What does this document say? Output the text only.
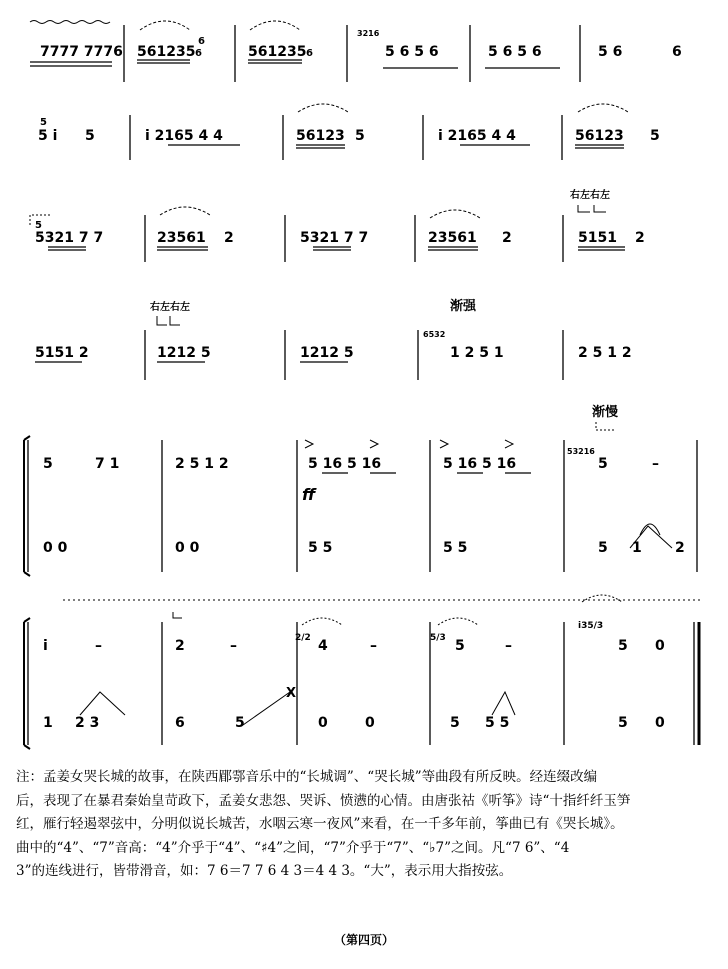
7777 7776 561235 6	561235 6
3216
5 6 5 6	5 6 5 6	5 6	6
5 i 5	i 2165 4 4	56123 5	i 2165 4 4	56123 5
5321 7 7	23561 2	5321 7 7	23561 2	5151 2
5151 2	1212 5	1212 5
6532
1 2 5 1	2 5 1 2
5	7 1	2 5 1 2	5 16 5 16	5 16 5 16
53216
5	–
0 0	0 0	5 5	5 5	5 1 2
i	–	2	–	2/2 4	–	5/3 5	–
i35/3
5 0
1 2 3	6	5	0	0	5 5 5	5 0
6
5
5
右左右左
右左右左	渐强
渐慢
ff
X

注：孟姜女哭长城的故事，在陕西郿鄠音乐中的“长城调”、“哭长城”等曲段有所反映。经连缀改编

后，表现了在暴君秦始皇苛政下，孟姜女悲怨、哭诉、愤懑的心情。由唐张祜《听筝》诗“十指纤纤玉笋

红，雁行轻遏翠弦中，分明似说长城苦，水咽云寒一夜风”来看，在一千多年前，筝曲已有《哭长城》。

曲中的“4”、“7”音高：“4”介乎于“4”、“♯4”之间，“7”介乎于“7”、“♭7”之间。凡“7 6”、“4

3”的连线进行，皆带滑音，如：7 6＝7 7 6 4 3＝4 4 3。“大”，表示用大指按弦。

（第四页）
